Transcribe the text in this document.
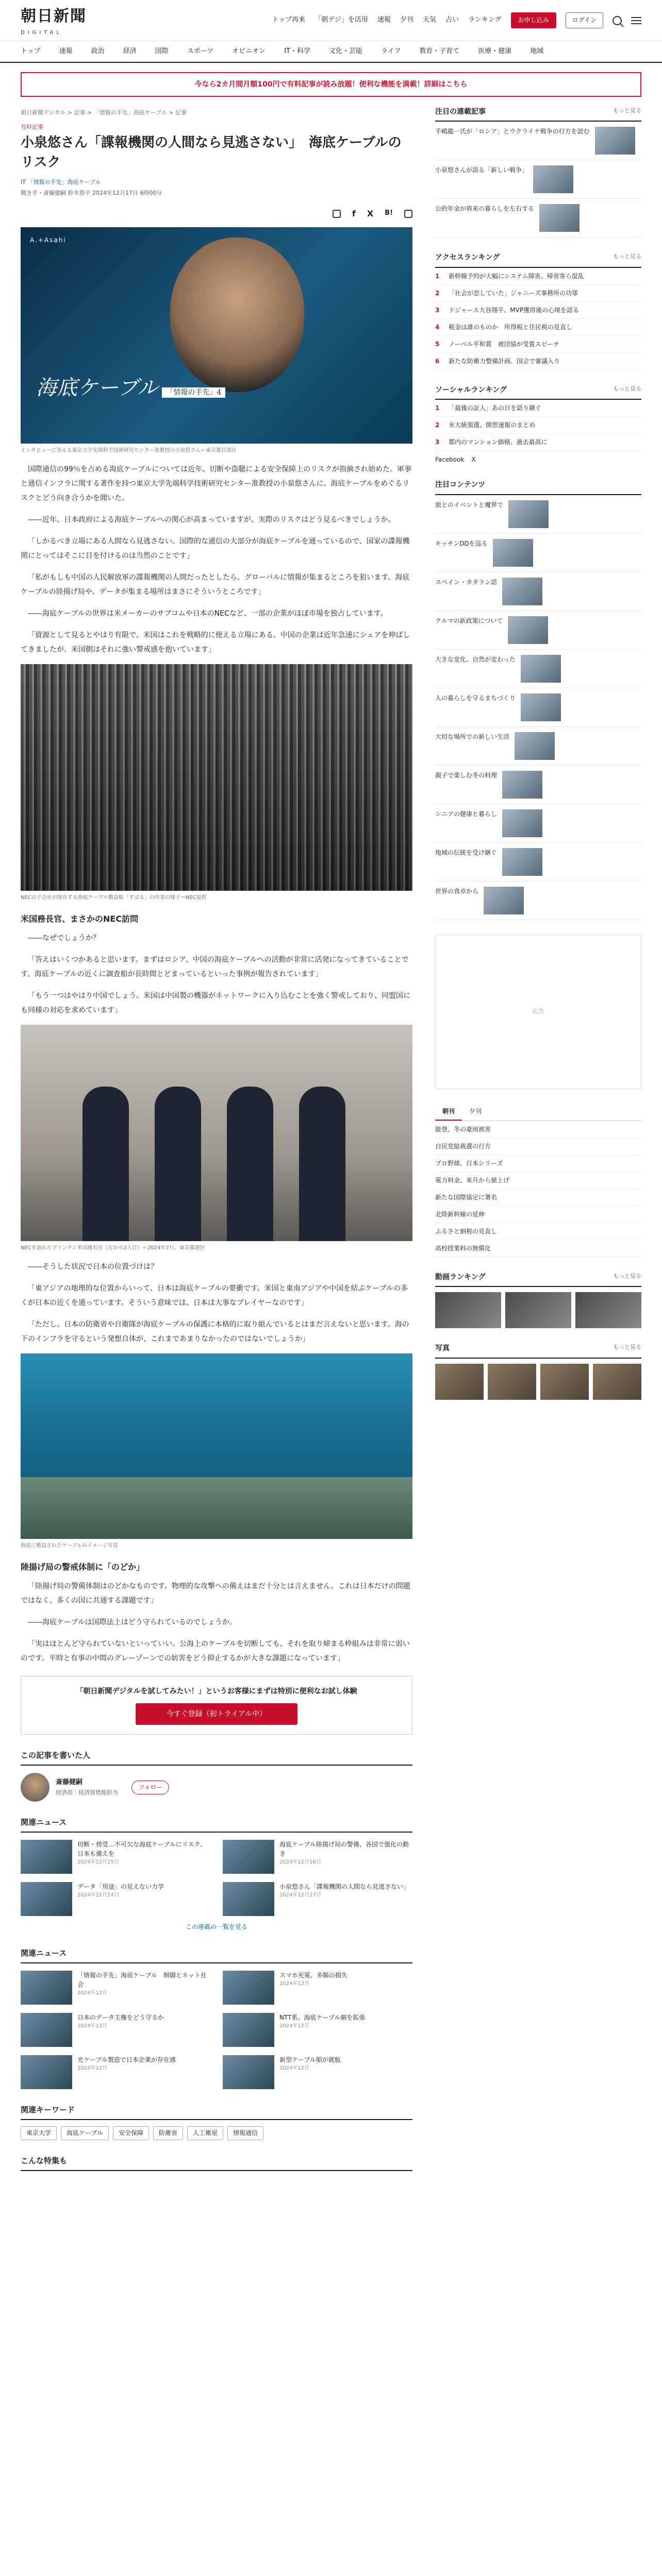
朝日新聞
DIGITAL
トップ再来 「朝デジ」を活用 速報 夕刊 天気 占い ランキング	お申し込み	ログイン
トップ	速報	政治	経済	国際	スポーツ	オピニオン	IT・科学	文化・芸能	ライフ	教育・子育て	医療・健康	地域
今なら2カ月間月額100円で有料記事が読み放題！便利な機能を満載！詳細はこちら
朝日新聞デジタル > 記事 > 「情報の手先」海底ケーブル > 記事
有料記事
小泉悠さん「諜報機関の人間なら見逃さない」　海底ケーブルのリスク
IT 「情報の手先」海底ケーブル
聞き手・斎藤健嗣 鈴木春平 2024年12月17日 6時00分
f X B!
A.+Asahi
海底ケーブル 「情報の手先」4
インタビューに答える東京大学先端科学技術研究センター准教授の小泉悠さん＝東京都目黒区

国際通信の99％を占める海底ケーブルについては近年、切断や盗聴による安全保障上のリスクが指摘され始めた。軍事と通信インフラに関する著作を持つ東京大学先端科学技術研究センター准教授の小泉悠さんに、海底ケーブルをめぐるリスクとどう向き合うかを聞いた。

――近年、日本政府による海底ケーブルへの関心が高まっていますが、実際のリスクはどう見るべきでしょうか。

「しかるべき立場にある人間なら見逃さない。国際的な通信の大部分が海底ケーブルを通っているので、国家の諜報機関にとってはそこに目を付けるのは当然のことです」

「私がもしも中国の人民解放軍の諜報機関の人間だったとしたら、グローバルに情報が集まるところを狙います。海底ケーブルの陸揚げ局や、データが集まる場所はまさにそういうところです」

――海底ケーブルの世界は米メーカーのサブコムや日本のNECなど、一部の企業がほぼ市場を独占しています。

「資源として見るとやはり有限で、米国はこれを戦略的に使える立場にある。中国の企業は近年急速にシェアを伸ばしてきましたが、米国側はそれに強い警戒感を抱いています」

NECの子会社が保有する海底ケーブル敷設船「すばる」の作業の様子＝NEC提供
米国務長官、まさかのNEC訪問

――なぜでしょうか？

「答えはいくつかあると思います。まずはロシア、中国の海底ケーブルへの活動が非常に活発になってきていることです。海底ケーブルの近くに調査船が長時間とどまっているといった事例が報告されています」

「もう一つはやはり中国でしょう。米国は中国製の機器がネットワークに入り込むことを強く警戒しており、同盟国にも同様の対応を求めています」

NECを訪れたブリンケン米国務長官（左から2人目）＝2024年7月、東京都港区

――そうした状況で日本の位置づけは？

「東アジアの地理的な位置からいって、日本は海底ケーブルの要衝です。米国と東南アジアや中国を結ぶケーブルの多くが日本の近くを通っています。そういう意味では、日本は大事なプレイヤーなのです」

「ただし、日本の防衛省や自衛隊が海底ケーブルの保護に本格的に取り組んでいるとはまだ言えないと思います。海の下のインフラを守るという発想自体が、これまであまりなかったのではないでしょうか」

海底に敷設されたケーブルのイメージ写真
陸揚げ局の警戒体制に「のどか」

「陸揚げ局の警備体制はのどかなものです。物理的な攻撃への備えはまだ十分とは言えません。これは日本だけの問題ではなく、多くの国に共通する課題です」

――海底ケーブルは国際法上はどう守られているのでしょうか。

「実はほとんど守られていないといっていい。公海上のケーブルを切断しても、それを取り締まる枠組みは非常に弱いのです。平時と有事の中間のグレーゾーンでの妨害をどう抑止するかが大きな課題になっています」

「朝日新聞デジタルを試してみたい！」というお客様にまずは特別に便利なお試し体験

今すぐ登録（初トライアル中）
この記事を書いた人
斎藤健嗣
経済部｜経済部情報担当
フォロー
関連ニュース
切断・傍受…不可欠な海底ケーブルにリスク、日本も備えを
2024年12月15日
海底ケーブル陸揚げ局の警備、各国で強化の動き
2024年12月16日
データ「用途」の見えない力学
2024年12月14日
小泉悠さん「諜報機関の人間なら見逃さない」
2024年12月17日
この連載の一覧を見る
関連ニュース
「情報の手先」海底ケーブル　制御とネット社会
2024年12月
スマホ充電、多額の損失
2024年12月
日本のデータ主権をどう守るか
2024年12月
NTT系、海底ケーブル網を拡張
2024年12月
光ケーブル製造で日本企業が存在感
2024年12月
新型ケーブル船が就航
2024年12月
関連キーワード
東京大学	海底ケーブル	安全保障	防衛省	人工衛星	情報通信
こんな特集も
注目の連載記事	もっと見る
手嶋龍一氏が「ロシア」とウクライナ戦争の行方を読む
小泉悠さんが語る「新しい戦争」
公的年金が将来の暮らしを左右する
アクセスランキング	もっと見る
1	新幹線予約が大幅にシステム障害、帰省客ら混乱
2	「社会が恋していた」ジャニーズ事務所の功罪
3	ドジャース大谷翔平、MVP獲得後の心境を語る
4	税金は誰のものか　所得税と住民税の見直し
5	ノーベル平和賞　被団協が受賞スピーチ
6	新たな防衛力整備計画、国会で審議入り
ソーシャルランキング	もっと見る
1	「最後の証人」あの日を語り継ぐ
2	米大統領選、開票速報のまとめ
3	都内のマンション価格、過去最高に
Facebook X
注目コンテンツ
旅とのイベントと魔界で
キッチンDDを巡る
スペイン・カタラン語
クルマの新政策について
大きな変化、自然が変わった
人の暮らしを守るまちづくり
大切な場所での新しい生活
親子で楽しむ冬の料理
シニアの健康と暮らし
地域の伝統を受け継ぐ
世界の食卓から
広告
朝刊	夕刊
能登、冬の豪雨被害
自民党総裁選の行方
プロ野球、日本シリーズ
電力料金、来月から値上げ
新たな国際協定に署名
北陸新幹線の延伸
ふるさと納税の見直し
高校授業料の無償化
動画ランキング	もっと見る
写真	もっと見る
